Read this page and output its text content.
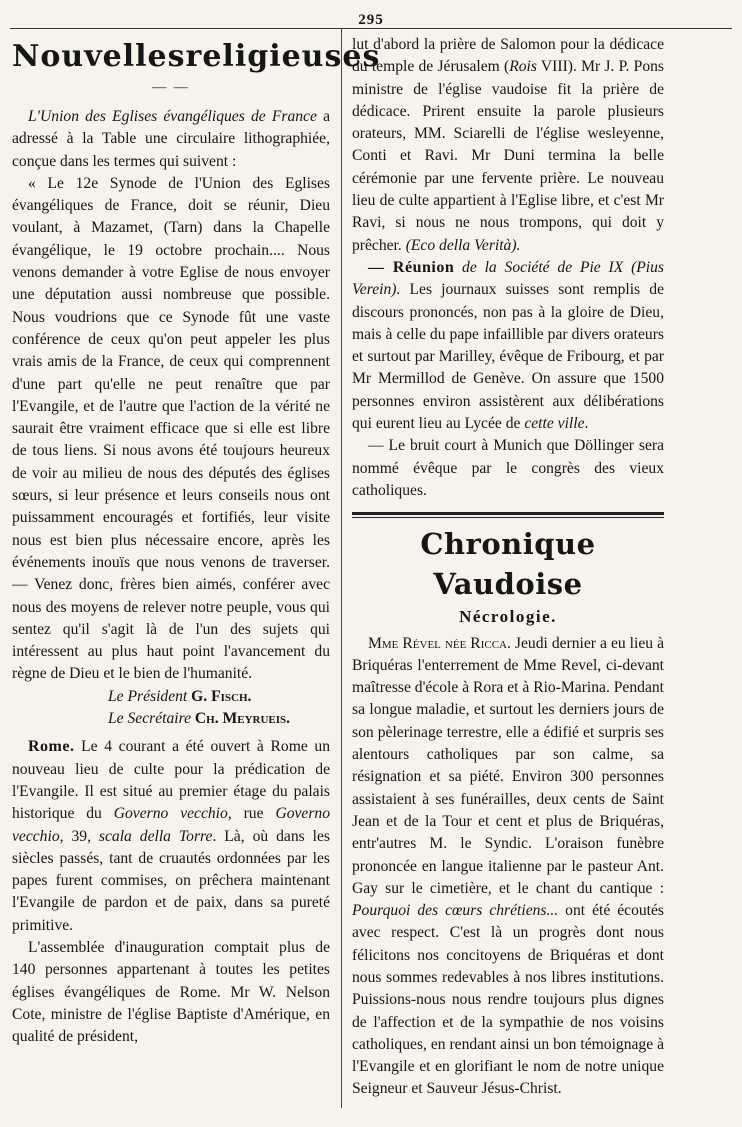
295
Nouvelles religieuses
— —

L'Union des Eglises évangéliques de France a adressé à la Table une circulaire lithographiée, conçue dans les termes qui suivent :

« Le 12e Synode de l'Union des Eglises évangéliques de France, doit se réunir, Dieu voulant, à Mazamet, (Tarn) dans la Chapelle évangélique, le 19 octobre prochain.... Nous venons demander à votre Eglise de nous envoyer une députation aussi nombreuse que possible. Nous voudrions que ce Synode fût une vaste conférence de ceux qu'on peut appeler les plus vrais amis de la France, de ceux qui comprennent d'une part qu'elle ne peut renaître que par l'Evangile, et de l'autre que l'action de la vérité ne saurait être vraiment efficace que si elle est libre de tous liens. Si nous avons été toujours heureux de voir au milieu de nous des députés des églises sœurs, si leur présence et leurs conseils nous ont puissamment encouragés et fortifiés, leur visite nous est bien plus nécessaire encore, après les événements inouïs que nous venons de traverser. — Venez donc, frères bien aimés, conférer avec nous des moyens de relever notre peuple, vous qui sentez qu'il s'agit là de l'un des sujets qui intéressent au plus haut point l'avancement du règne de Dieu et le bien de l'humanité.

Le Président G. Fisch.
Le Secrétaire Ch. Meyrueis.

Rome. Le 4 courant a été ouvert à Rome un nouveau lieu de culte pour la prédication de l'Evangile. Il est situé au premier étage du palais historique du Governo vecchio, rue Governo vecchio, 39, scala della Torre. Là, où dans les siècles passés, tant de cruautés ordonnées par les papes furent commises, on prêchera maintenant l'Evangile de pardon et de paix, dans sa pureté primitive.

L'assemblée d'inauguration comptait plus de 140 personnes appartenant à toutes les petites églises évangéliques de Rome. Mr W. Nelson Cote, ministre de l'église Baptiste d'Amérique, en qualité de président,

lut d'abord la prière de Salomon pour la dédicace du temple de Jérusalem (Rois VIII). Mr J. P. Pons ministre de l'église vaudoise fit la prière de dédicace. Prirent ensuite la parole plusieurs orateurs, MM. Sciarelli de l'église wesleyenne, Conti et Ravi. Mr Duni termina la belle cérémonie par une fervente prière. Le nouveau lieu de culte appartient à l'Eglise libre, et c'est Mr Ravi, si nous ne nous trompons, qui doit y prêcher. (Eco della Verità).

— Réunion de la Société de Pie IX (Pius Verein). Les journaux suisses sont remplis de discours prononcés, non pas à la gloire de Dieu, mais à celle du pape infaillible par divers orateurs et surtout par Marilley, évêque de Fribourg, et par Mr Mermillod de Genève. On assure que 1500 personnes environ assistèrent aux délibérations qui eurent lieu au Lycée de cette ville.

— Le bruit court à Munich que Döllinger sera nommé évêque par le congrès des vieux catholiques.

Chronique Vaudoise
Nécrologie.

Mme Rével née Ricca. Jeudi dernier a eu lieu à Briquéras l'enterrement de Mme Revel, ci-devant maîtresse d'école à Rora et à Rio-Marina. Pendant sa longue maladie, et surtout les derniers jours de son pèlerinage terrestre, elle a édifié et surpris ses alentours catholiques par son calme, sa résignation et sa piété. Environ 300 personnes assistaient à ses funérailles, deux cents de Saint Jean et de la Tour et cent et plus de Briquéras, entr'autres M. le Syndic. L'oraison funèbre prononcée en langue italienne par le pasteur Ant. Gay sur le cimetière, et le chant du cantique : Pourquoi des cœurs chrétiens... ont été écoutés avec respect. C'est là un progrès dont nous félicitons nos concitoyens de Briquéras et dont nous sommes redevables à nos libres institutions. Puissions-nous nous rendre toujours plus dignes de l'affection et de la sympathie de nos voisins catholiques, en rendant ainsi un bon témoignage à l'Evangile et en glorifiant le nom de notre unique Seigneur et Sauveur Jésus-Christ.
